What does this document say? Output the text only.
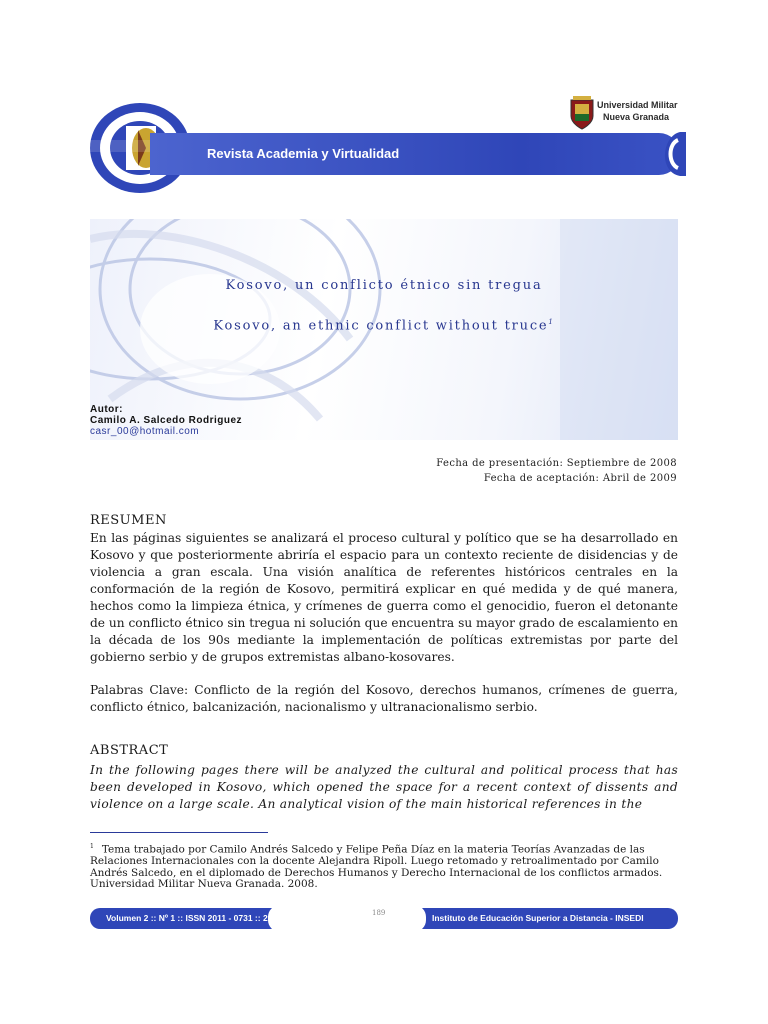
Revista Academia y Virtualidad
Universidad Militar
Nueva Granada
Kosovo, un conflicto étnico sin tregua
Kosovo, an ethnic conflict without truce$^1$
Autor:
Camilo A. Salcedo Rodriguez
casr_00@hotmail.com
Fecha de presentación: Septiembre de 2008
Fecha de aceptación: Abril de 2009
RESUMEN
En las páginas siguientes se analizará el proceso cultural y político que se ha desarrollado en Kosovo y que posteriormente abriría el espacio para un contexto reciente de disidencias y de violencia a gran escala. Una visión analítica de referentes históricos centrales en la conformación de la región de Kosovo, permitirá explicar en qué medida y de qué manera, hechos como la limpieza étnica, y crímenes de guerra como el genocidio, fueron el detonante de un conflicto étnico sin tregua ni solución que encuentra su mayor grado de escalamiento en la década de los 90s mediante la implementación de políticas extremistas por parte del gobierno serbio y de grupos extremistas albano-kosovares.
Palabras Clave: Conflicto de la región del Kosovo, derechos humanos, crímenes de guerra, conflicto étnico, balcanización, nacionalismo y ultranacionalismo serbio.
ABSTRACT
In the following pages there will be analyzed the cultural and political process that has been developed in Kosovo, which opened the space for a recent context of dissents and violence on a large scale. An analytical vision of the main historical references in the
$^1$ Tema trabajado por Camilo Andrés Salcedo y Felipe Peña Díaz en la materia Teorías Avanzadas de las Relaciones Internacionales con la docente Alejandra Ripoll. Luego retomado y retroalimentado por Camilo Andrés Salcedo, en el diplomado de Derechos Humanos y Derecho Internacional de los conflictos armados. Universidad Militar Nueva Granada. 2008.
Volumen 2 :: Nº 1 :: ISSN 2011 - 0731 :: 2009	189	Instituto de Educación Superior a Distancia - INSEDI
